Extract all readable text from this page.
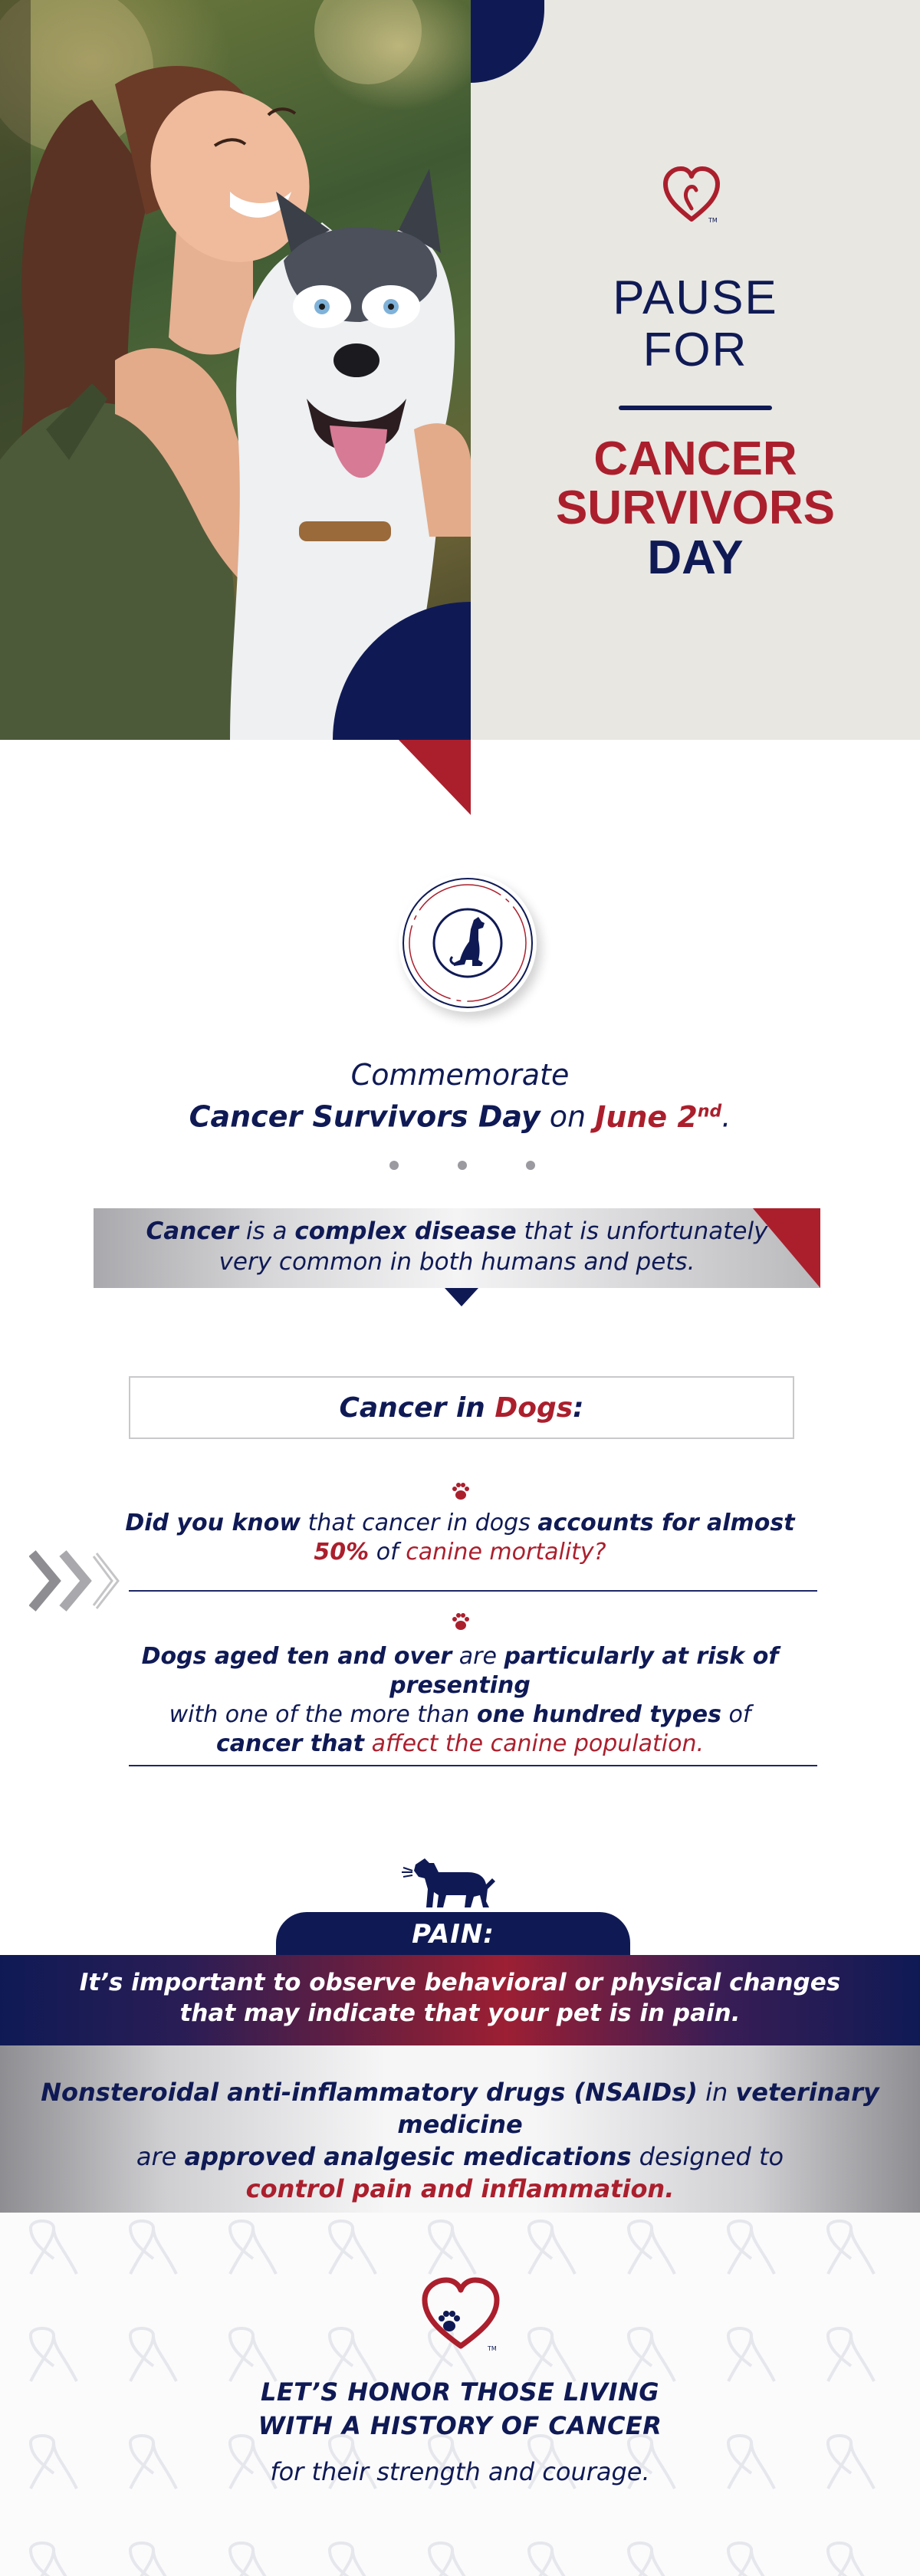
TM
PAUSE
FOR
CANCER
SURVIVORS
DAY
Commemorate
Cancer Survivors Day on June 2nd.
Cancer is a complex disease that is unfortunately
very common in both humans and pets.
Cancer in
Dogs :
Did you know that cancer in dogs accounts for almost
50% of canine mortality?
Dogs aged ten and over are particularly at risk of presenting
with one of the more than one hundred types of
cancer that affect the canine population.
PAIN:
It’s important to observe behavioral or physical changes
that may indicate that your pet is in pain.
Nonsteroidal anti-inflammatory drugs (NSAIDs) in veterinary medicine
are approved analgesic medications designed to
control pain and inflammation.
TM
LET’S HONOR THOSE LIVING
WITH A HISTORY OF CANCER
for their strength and courage.
